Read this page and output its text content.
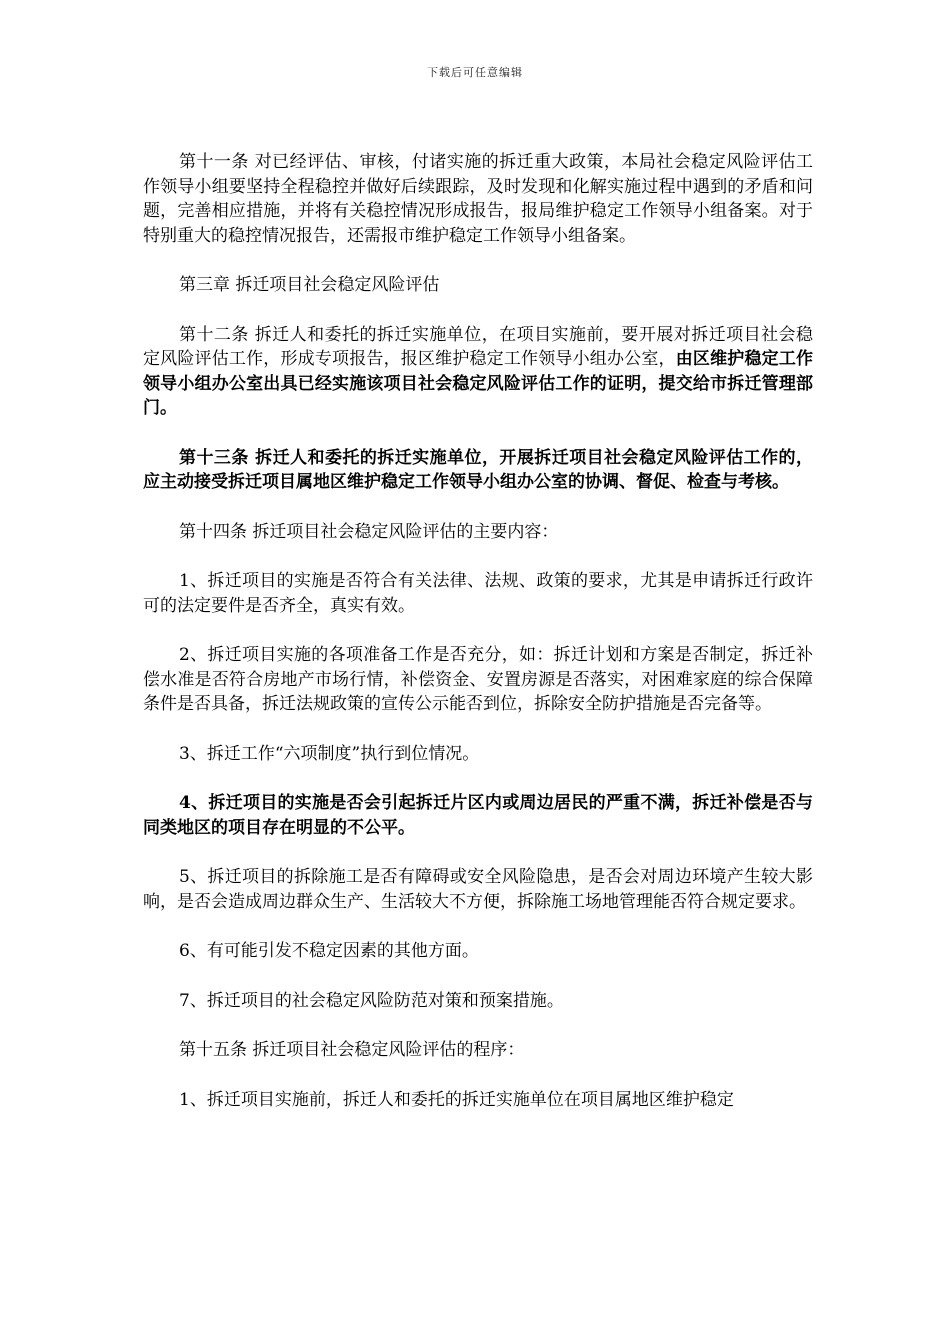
下载后可任意编辑

第十一条 对已经评估、审核，付诸实施的拆迁重大政策，本局社会稳定风险评估工作领导小组要坚持全程稳控并做好后续跟踪，及时发现和化解实施过程中遇到的矛盾和问题，完善相应措施，并将有关稳控情况形成报告，报局维护稳定工作领导小组备案。对于特别重大的稳控情况报告，还需报市维护稳定工作领导小组备案。

第三章 拆迁项目社会稳定风险评估

第十二条 拆迁人和委托的拆迁实施单位，在项目实施前，要开展对拆迁项目社会稳定风险评估工作，形成专项报告，报区维护稳定工作领导小组办公室，由区维护稳定工作领导小组办公室出具已经实施该项目社会稳定风险评估工作的证明，提交给市拆迁管理部门。

第十三条 拆迁人和委托的拆迁实施单位，开展拆迁项目社会稳定风险评估工作的，应主动接受拆迁项目属地区维护稳定工作领导小组办公室的协调、督促、检查与考核。

第十四条 拆迁项目社会稳定风险评估的主要内容：

1、拆迁项目的实施是否符合有关法律、法规、政策的要求，尤其是申请拆迁行政许可的法定要件是否齐全，真实有效。

2、拆迁项目实施的各项准备工作是否充分，如：拆迁计划和方案是否制定，拆迁补偿水准是否符合房地产市场行情，补偿资金、安置房源是否落实，对困难家庭的综合保障条件是否具备，拆迁法规政策的宣传公示能否到位，拆除安全防护措施是否完备等。

3、拆迁工作“六项制度”执行到位情况。

4、拆迁项目的实施是否会引起拆迁片区内或周边居民的严重不满，拆迁补偿是否与同类地区的项目存在明显的不公平。

5、拆迁项目的拆除施工是否有障碍或安全风险隐患，是否会对周边环境产生较大影响，是否会造成周边群众生产、生活较大不方便，拆除施工场地管理能否符合规定要求。

6、有可能引发不稳定因素的其他方面。

7、拆迁项目的社会稳定风险防范对策和预案措施。

第十五条 拆迁项目社会稳定风险评估的程序：

1、拆迁项目实施前，拆迁人和委托的拆迁实施单位在项目属地区维护稳定
